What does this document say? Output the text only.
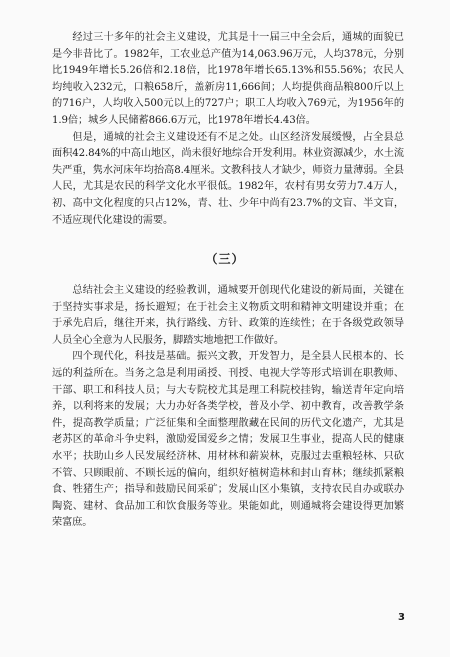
经过三十多年的社会主义建设，尤其是十一届三中全会后，通城的面貌已是今非昔比了。1982年，工农业总产值为14,063.96万元，人均378元，分别比1949年增长5.26倍和2.18倍，比1978年增长65.13%和55.56%；农民人均纯收入232元，口粮658斤，盖新房11,666间；人均提供商品粮800斤以上的716户，人均收入500元以上的727户；职工人均收入769元，为1956年的1.9倍；城乡人民储蓄866.6万元，比1978年增长4.43倍。

但是，通城的社会主义建设还有不足之处。山区经济发展缓慢，占全县总面积42.84%的中高山地区，尚未很好地综合开发利用。林业资源减少，水土流失严重，隽水河床年均抬高8.4厘米。文教科技人才缺少，师资力量薄弱。全县人民，尤其是农民的科学文化水平很低。1982年，农村有男女劳力7.4万人，初、高中文化程度的只占12%，青、壮、少年中尚有23.7%的文盲、半文盲，不适应现代化建设的需要。

（三）

总结社会主义建设的经验教训，通城要开创现代化建设的新局面，关键在于坚持实事求是，扬长避短；在于社会主义物质文明和精神文明建设并重；在于承先启后，继往开来，执行路线、方针、政策的连续性；在于各级党政领导人员全心全意为人民服务，脚踏实地地把工作做好。

四个现代化，科技是基础。振兴文教，开发智力，是全县人民根本的、长远的利益所在。当务之急是利用函授、刊授、电视大学等形式培训在职教师、干部、职工和科技人员；与大专院校尤其是理工科院校挂钩，输送青年定向培养，以利将来的发展；大力办好各类学校，普及小学、初中教育，改善教学条件，提高教学质量；广泛征集和全面整理散藏在民间的历代文化遗产，尤其是老苏区的革命斗争史料，激励爱国爱乡之情；发展卫生事业，提高人民的健康水平；扶助山乡人民发展经济林、用材林和薪炭林，克服过去重粮轻林、只砍不管、只顾眼前、不顾长远的偏向，组织好植树造林和封山育林；继续抓紧粮食、牲猪生产；指导和鼓励民间采矿；发展山区小集镇，支持农民自办或联办陶瓷、建材、食品加工和饮食服务等业。果能如此，则通城将会建设得更加繁荣富庶。

3
